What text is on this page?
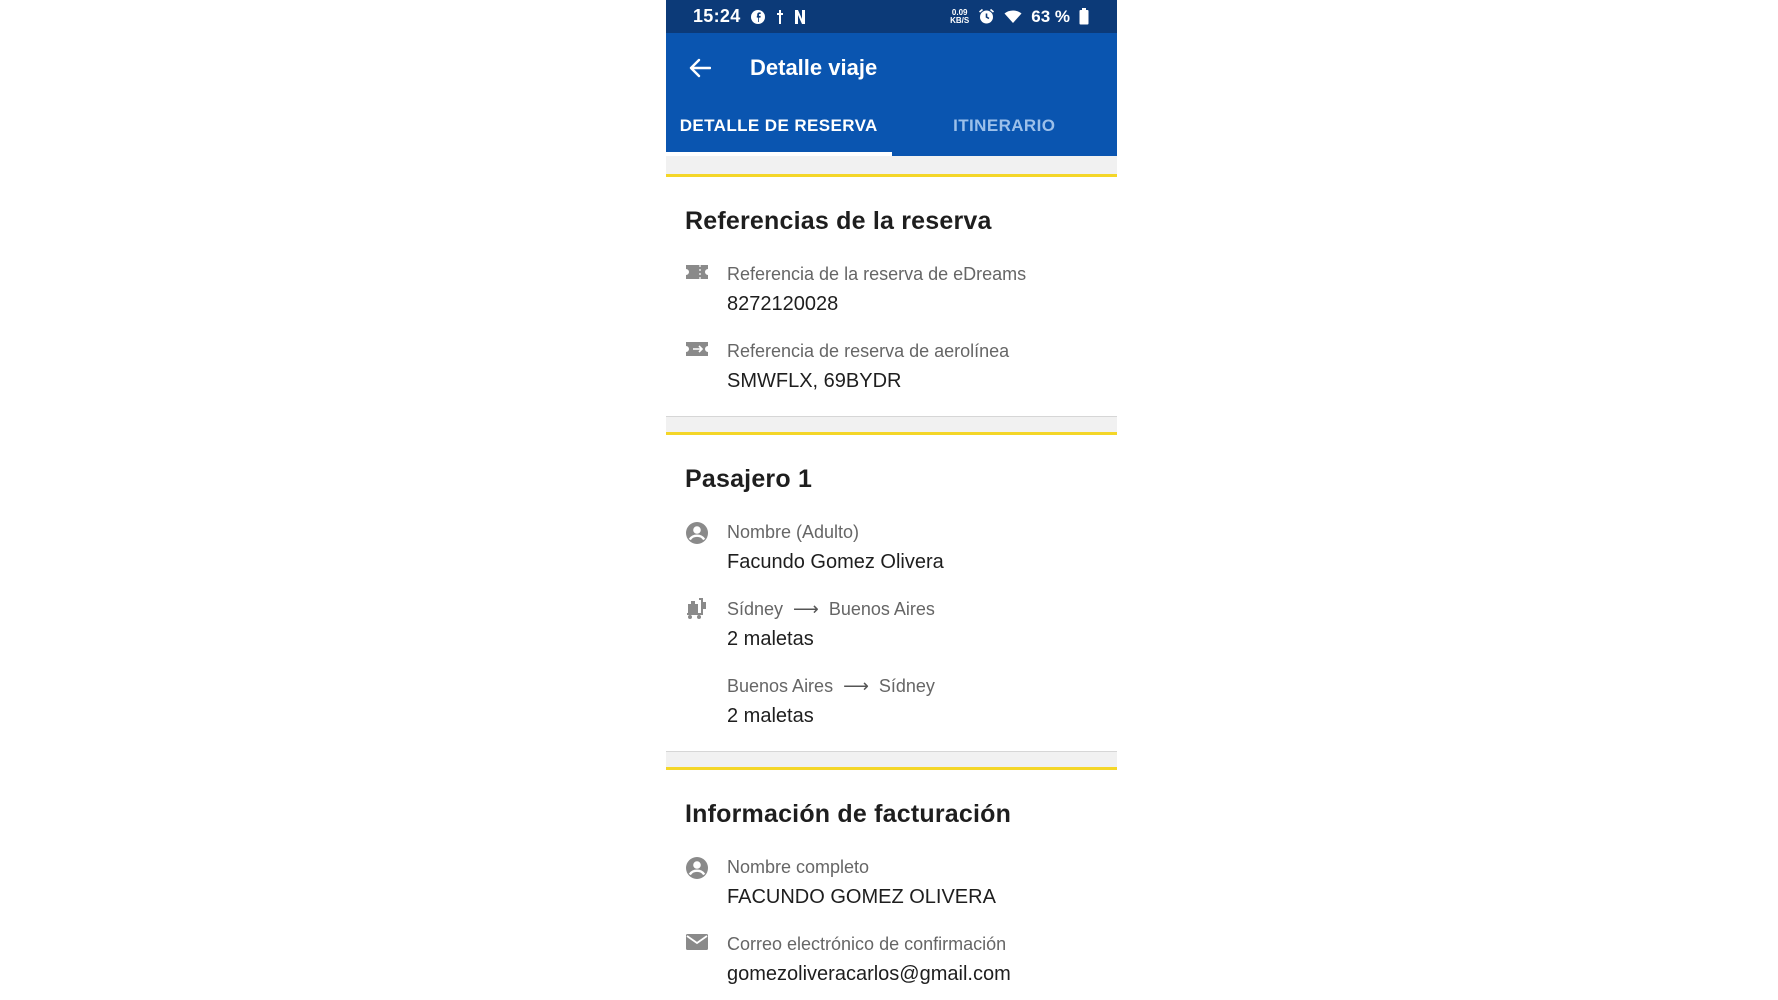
15:24	0.09
KB/S	63 %
Detalle viaje
DETALLE DE RESERVA	ITINERARIO
Referencias de la reserva
Referencia de la reserva de eDreams
8272120028
Referencia de reserva de aerolínea
SMWFLX, 69BYDR
Pasajero 1
Nombre (Adulto)
Facundo Gomez Olivera
Sídney ⟶ Buenos Aires
2 maletas
Buenos Aires ⟶ Sídney
2 maletas
Información de facturación
Nombre completo
FACUNDO GOMEZ OLIVERA
Correo electrónico de confirmación
gomezoliveracarlos@gmail.com
